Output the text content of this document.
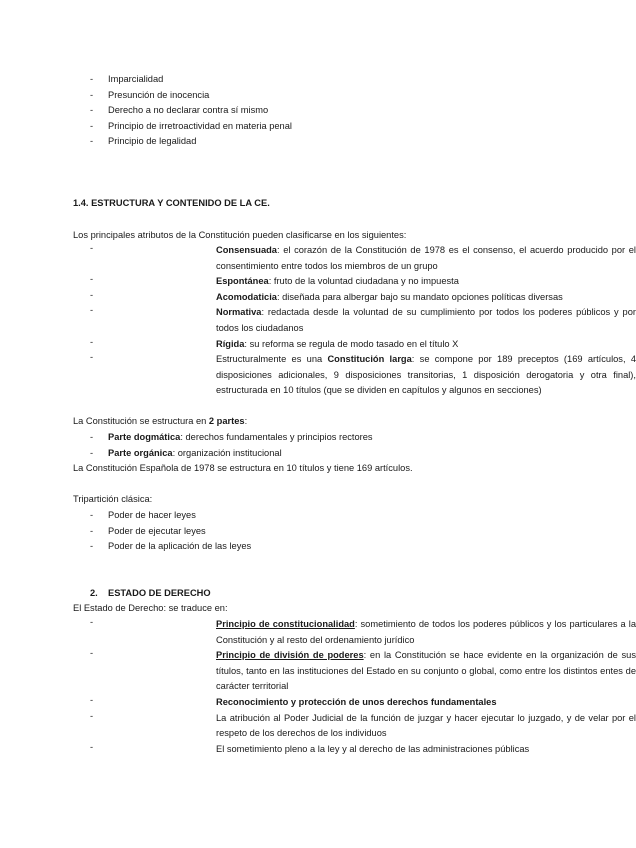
- Imparcialidad
- Presunción de inocencia
- Derecho a no declarar contra sí mismo
- Principio de irretroactividad en materia penal
- Principio de legalidad
1.4. ESTRUCTURA Y CONTENIDO DE LA CE.
Los principales atributos de la Constitución pueden clasificarse en los siguientes:
-	Consensuada: el corazón de la Constitución de 1978 es el consenso, el acuerdo producido por el consentimiento entre todos los miembros de un grupo
-	Espontánea: fruto de la voluntad ciudadana y no impuesta
-	Acomodaticia: diseñada para albergar bajo su mandato opciones políticas diversas
-	Normativa: redactada desde la voluntad de su cumplimiento por todos los poderes públicos y por todos los ciudadanos
-	Rígida: su reforma se regula de modo tasado en el título X
-	Estructuralmente es una Constitución larga: se compone por 189 preceptos (169 artículos, 4 disposiciones adicionales, 9 disposiciones transitorias, 1 disposición derogatoria y otra final), estructurada en 10 títulos (que se dividen en capítulos y algunos en secciones)
La Constitución se estructura en 2 partes:
- Parte dogmática: derechos fundamentales y principios rectores
- Parte orgánica: organización institucional
La Constitución Española de 1978 se estructura en 10 títulos y tiene 169 artículos.
Tripartición clásica:
- Poder de hacer leyes
- Poder de ejecutar leyes
- Poder de la aplicación de las leyes
2. ESTADO DE DERECHO
El Estado de Derecho: se traduce en:
-	Principio de constitucionalidad: sometimiento de todos los poderes públicos y los particulares a la Constitución y al resto del ordenamiento jurídico
-	Principio de división de poderes: en la Constitución se hace evidente en la organización de sus títulos, tanto en las instituciones del Estado en su conjunto o global, como entre los distintos entes de carácter territorial
-	Reconocimiento y protección de unos derechos fundamentales
-	La atribución al Poder Judicial de la función de juzgar y hacer ejecutar lo juzgado, y de velar por el respeto de los derechos de los individuos
-	El sometimiento pleno a la ley y al derecho de las administraciones públicas
